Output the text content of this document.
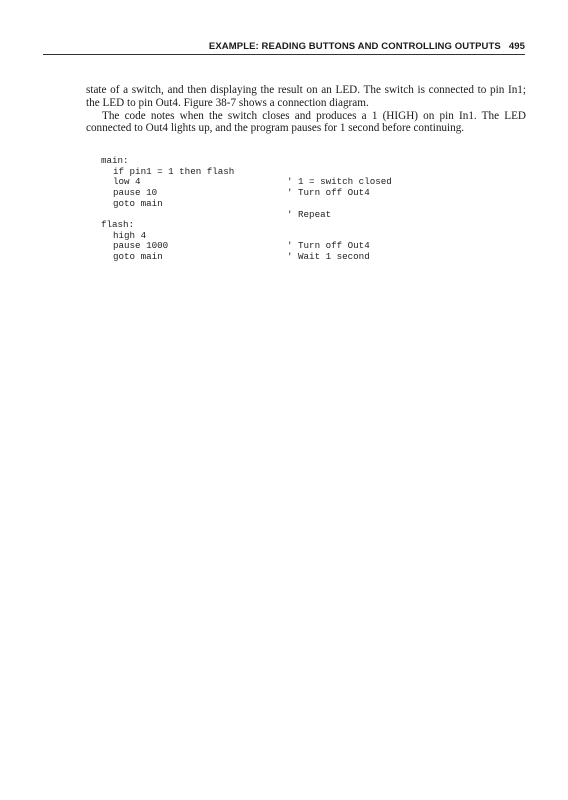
EXAMPLE: READING BUTTONS AND CONTROLLING OUTPUTS 495

state of a switch, and then displaying the result on an LED. The switch is connected to pin In1; the LED to pin Out4. Figure 38-7 shows a connection diagram.

The code notes when the switch closes and produces a 1 (HIGH) on pin In1. The LED connected to Out4 lights up, and the program pauses for 1 second before continuing.

main:

if pin1 = 1 then flash

' 1 = switch closed

low 4

' Turn off Out4

pause 10

goto main

' Repeat

flash:

high 4

' Turn off Out4

pause 1000

' Wait 1 second

goto main
